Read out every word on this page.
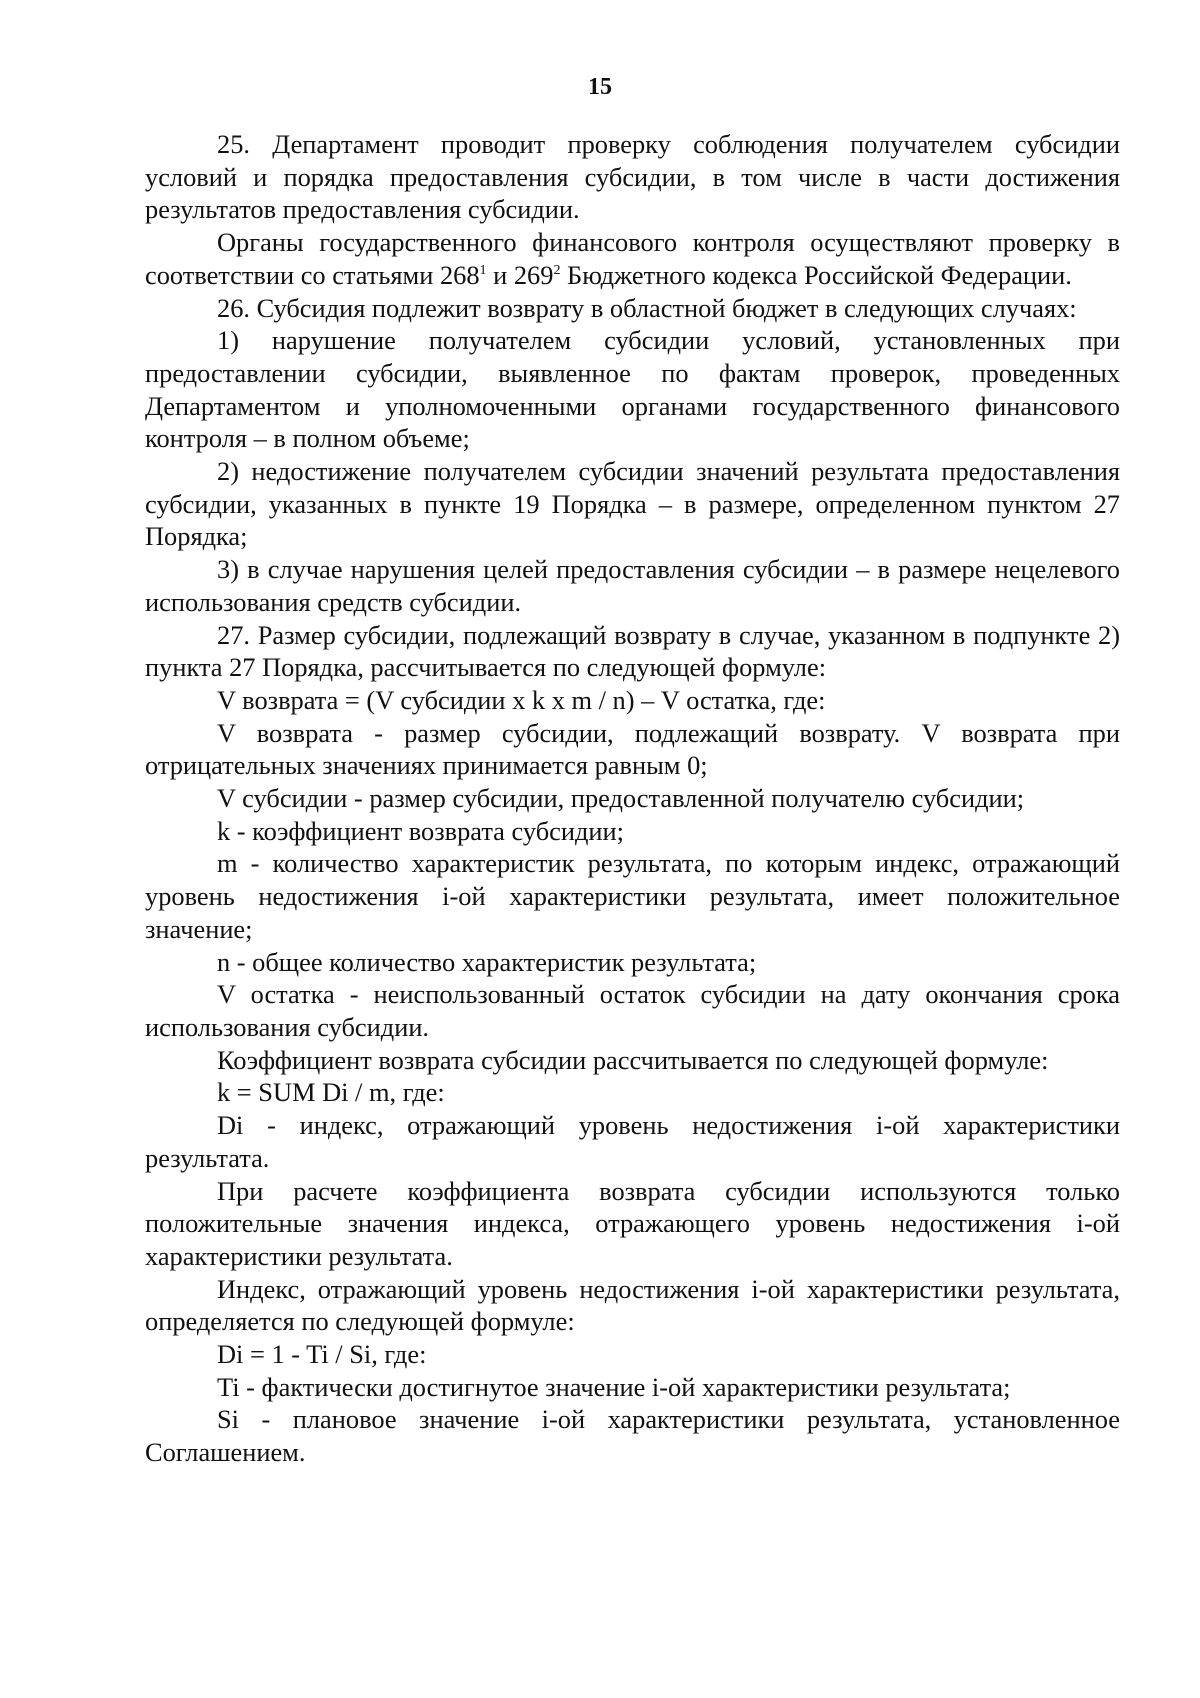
15

25. Департамент проводит проверку соблюдения получателем субсидии условий и порядка предоставления субсидии, в том числе в части достижения результатов предоставления субсидии.

Органы государственного финансового контроля осуществляют проверку в соответствии со статьями $268^1$ и $269^2$ Бюджетного кодекса Российской Федерации.

26. Субсидия подлежит возврату в областной бюджет в следующих случаях:

1) нарушение получателем субсидии условий, установленных при предоставлении субсидии, выявленное по фактам проверок, проведенных Департаментом и уполномоченными органами государственного финансового контроля – в полном объеме;

2) недостижение получателем субсидии значений результата предоставления субсидии, указанных в пункте 19 Порядка – в размере, определенном пунктом 27 Порядка;

3) в случае нарушения целей предоставления субсидии – в размере нецелевого использования средств субсидии.

27. Размер субсидии, подлежащий возврату в случае, указанном в подпункте 2) пункта 27 Порядка, рассчитывается по следующей формуле:

V возврата = (V субсидии x k x m / n) – V остатка, где:

V возврата - размер субсидии, подлежащий возврату. V возврата при отрицательных значениях принимается равным 0;

V субсидии - размер субсидии, предоставленной получателю субсидии;

k - коэффициент возврата субсидии;

m - количество характеристик результата, по которым индекс, отражающий уровень недостижения i-ой характеристики результата, имеет положительное значение;

n - общее количество характеристик результата;

V остатка - неиспользованный остаток субсидии на дату окончания срока использования субсидии.

Коэффициент возврата субсидии рассчитывается по следующей формуле:

k = SUM Di / m, где:

Di - индекс, отражающий уровень недостижения i-ой характеристики результата.

При расчете коэффициента возврата субсидии используются только положительные значения индекса, отражающего уровень недостижения i-ой характеристики результата.

Индекс, отражающий уровень недостижения i-ой характеристики результата, определяется по следующей формуле:

Di = 1 - Ti / Si, где:

Ti - фактически достигнутое значение i-ой характеристики результата;

Si - плановое значение i-ой характеристики результата, установленное Соглашением.
